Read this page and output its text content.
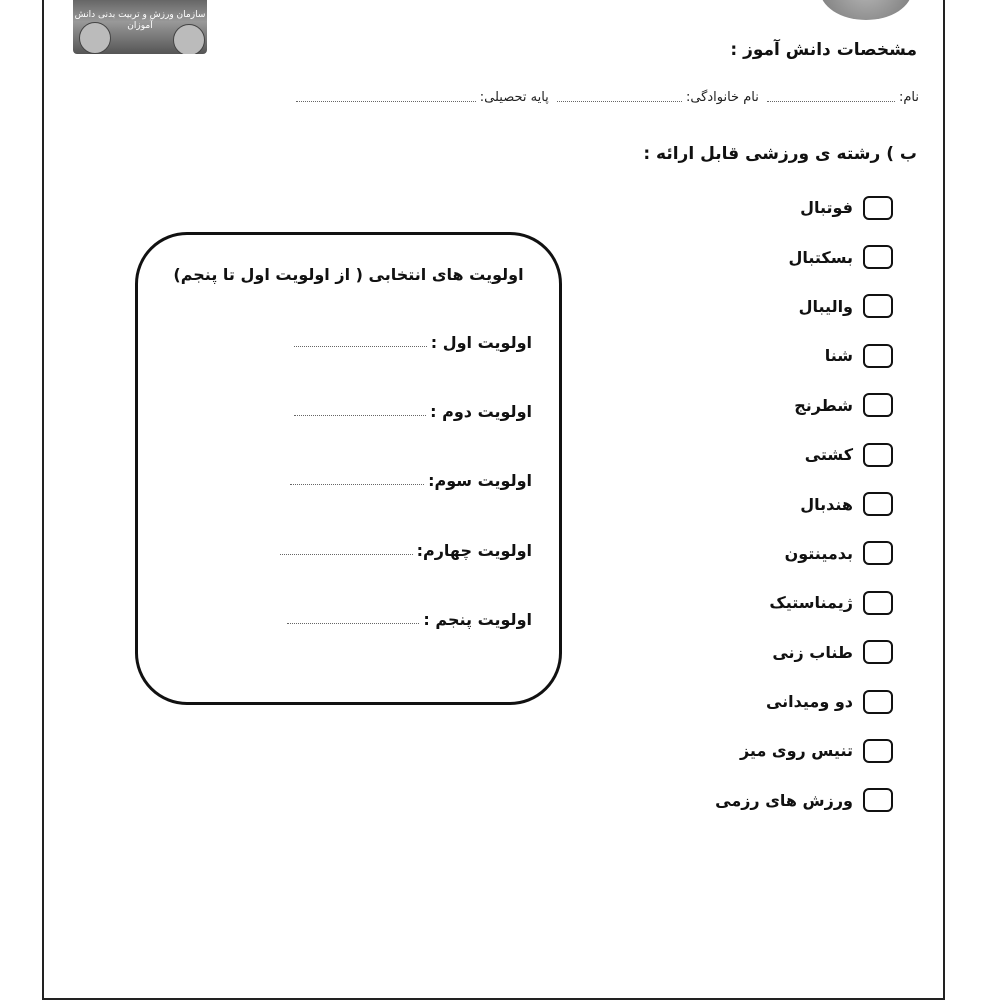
سازمان ورزش و تربیت بدنی دانش آموزان
مشخصات دانش آموز :
نام: نام خانوادگی: پایه تحصیلی:
ب ) رشته ی ورزشی قابل ارائه :
فوتبال
بسکتبال
والیبال
شنا
شطرنج
کشتی
هندبال
بدمینتون
ژیمناستیک
طناب زنی
دو ومیدانی
تنیس روی میز
ورزش های رزمی
اولویت های انتخابی ( از اولویت اول تا پنجم)
اولویت اول :
اولویت دوم :
اولویت سوم:
اولویت چهارم:
اولویت پنجم :
